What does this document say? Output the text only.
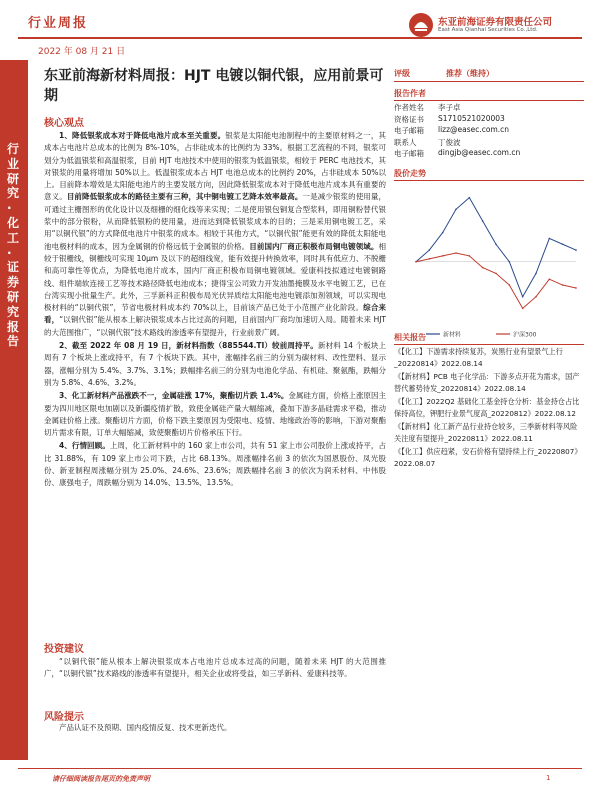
行业周报
2022 年 08 月 21 日
东亚前海证券有限责任公司
East Asia Qianhai Securities Co.,Ltd.
行业研究·化工·证券研究报告
东亚前海新材料周报：HJT 电镀以铜代银，应用前景可期
核心观点

1、降低银浆成本对于降低电池片成本至关重要。银浆是太阳能电池制程中的主要原材料之一，其成本占电池片总成本的比例为 8%-10%，占非硅成本的比例约为 33%。根据工艺流程的不同，银浆可划分为低温银浆和高温银浆，目前 HJT 电池技术中使用的银浆为低温银浆，相较于 PERC 电池技术，其对银浆的用量将增加 50%以上。低温银浆成本占 HJT 电池总成本的比例约 20%，占非硅成本 50%以上。目前降本增效是太阳能电池片的主要发展方向，因此降低银浆成本对于降低电池片成本具有重要的意义。目前降低银浆成本的路径主要有三种，其中铜电镀工艺降本效率最高。一是减少银浆的使用量，可通过主栅图形的优化设计以及细栅的细化线等来实现；二是使用银包铜复合型浆料，即用铜粉替代银浆中的部分银粉，从而降低银粉的使用量，进而达到降低银浆成本的目的；三是采用铜电镀工艺，采用“以铜代银”的方式降低电池片中银浆的成本。相较于其他方式，“以铜代银”能更有效的降低太阳能电池电极材料的成本，因为金属铜的价格远低于金属银的价格。目前国内厂商正积极布局铜电镀领域。相较于银栅线，铜栅线可实现 10μm 及以下的超细线宽，能有效提升转换效率，同时具有低应力、不脱栅和高可靠性等优点，为降低电池片成本，国内厂商正积极布局铜电镀领域。爱康科技拟通过电镀铜路线、组件端软连接工艺等技术路径降低电池成本；捷得宝公司致力开发油墨掩膜及水平电镀工艺，已在台湾实现小批量生产。此外，三孚新科正积极布局光伏异质结太阳能电池电镀添加剂领域，可以实现电极材料的“以铜代银”，节省电极材料成本约 70%以上，目前该产品已处于小范围产业化阶段。综合来看，“以铜代银”能从根本上解决银浆成本占比过高的问题，目前国内厂商均加速切入局。随着未来 HJT 的大范围推广，“以铜代银”技术路线的渗透率有望提升，行业前景广阔。

2、截至 2022 年 08 月 19 日，新材料指数（885544.TI）较前周持平。新材料 14 个板块上周有 7 个板块上涨或持平，有 7 个板块下跌。其中，涨幅排名前三的分别为碳材料、改性塑料、显示器，涨幅分别为 5.4%、3.7%、3.1%；跌幅排名前三的分别为电池化学品、有机硅、聚氨酯，跌幅分别为 5.8%、4.6%、3.2%。

3、化工新材料产品涨跌不一，金属硅涨 17%，聚酯切片跌 1.4%。金属硅方面，价格上涨原因主要为四川地区限电加剧以及新疆疫情扩散，致使金属硅产量大幅缩减，叠加下游多晶硅需求平稳，推动金属硅价格上涨。聚酯切片方面，价格下跌主要原因为受限电、疫情、地缘政治等的影响，下游对聚酯切片需求有限，订单大幅缩减，致使聚酯切片价格承压下行。

4、行情回顾。上周，化工新材料中的 160 家上市公司，共有 51 家上市公司股价上涨或持平，占比 31.88%，有 109 家上市公司下跌，占比 68.13%。周涨幅排名前 3 的依次为国恩股份、凤光股份、新亚制程周涨幅分别为 25.0%、24.6%、23.6%；周跌幅排名前 3 的依次为润禾材料、中伟股份、康强电子，周跌幅分别为 14.0%、13.5%、13.5%。

投资建议

“以铜代银”能从根本上解决银浆成本占电池片总成本过高的问题，随着未来 HJT 的大范围推广，“以铜代银”技术路线的渗透率有望提升，相关企业或将受益，如三孚新科、爱康科技等。

风险提示

产品认证不及预期、国内疫情反复、技术更新迭代。

评级	推荐（维持）
报告作者
作者姓名	李子卓
资格证书	S1710521020003
电子邮箱	lizz@easec.com.cn
联系人	丁俊波
电子邮箱	dingjb@easec.com.cn
股价走势
新材料	沪深300
相关报告
《【化工】下游需求持续复苏，炭黑行业有望景气上行_20220814》2022.08.14
《【新材料】PCB 电子化学品：下游多点开花为需求，国产替代蓄势待发_20220814》2022.08.14
《【化工】2022Q2 基础化工基金持仓分析：基金持仓占比保持高位，钾肥行业景气度高_20220812》2022.08.12
《【新材料】化工新产品行业持仓较多，三季新材料等风险关注度有望提升_20220811》2022.08.11
《【化工】供应趋紧，安石价格有望持续上行_20220807》2022.08.07
请仔细阅读报告尾页的免责声明	1
